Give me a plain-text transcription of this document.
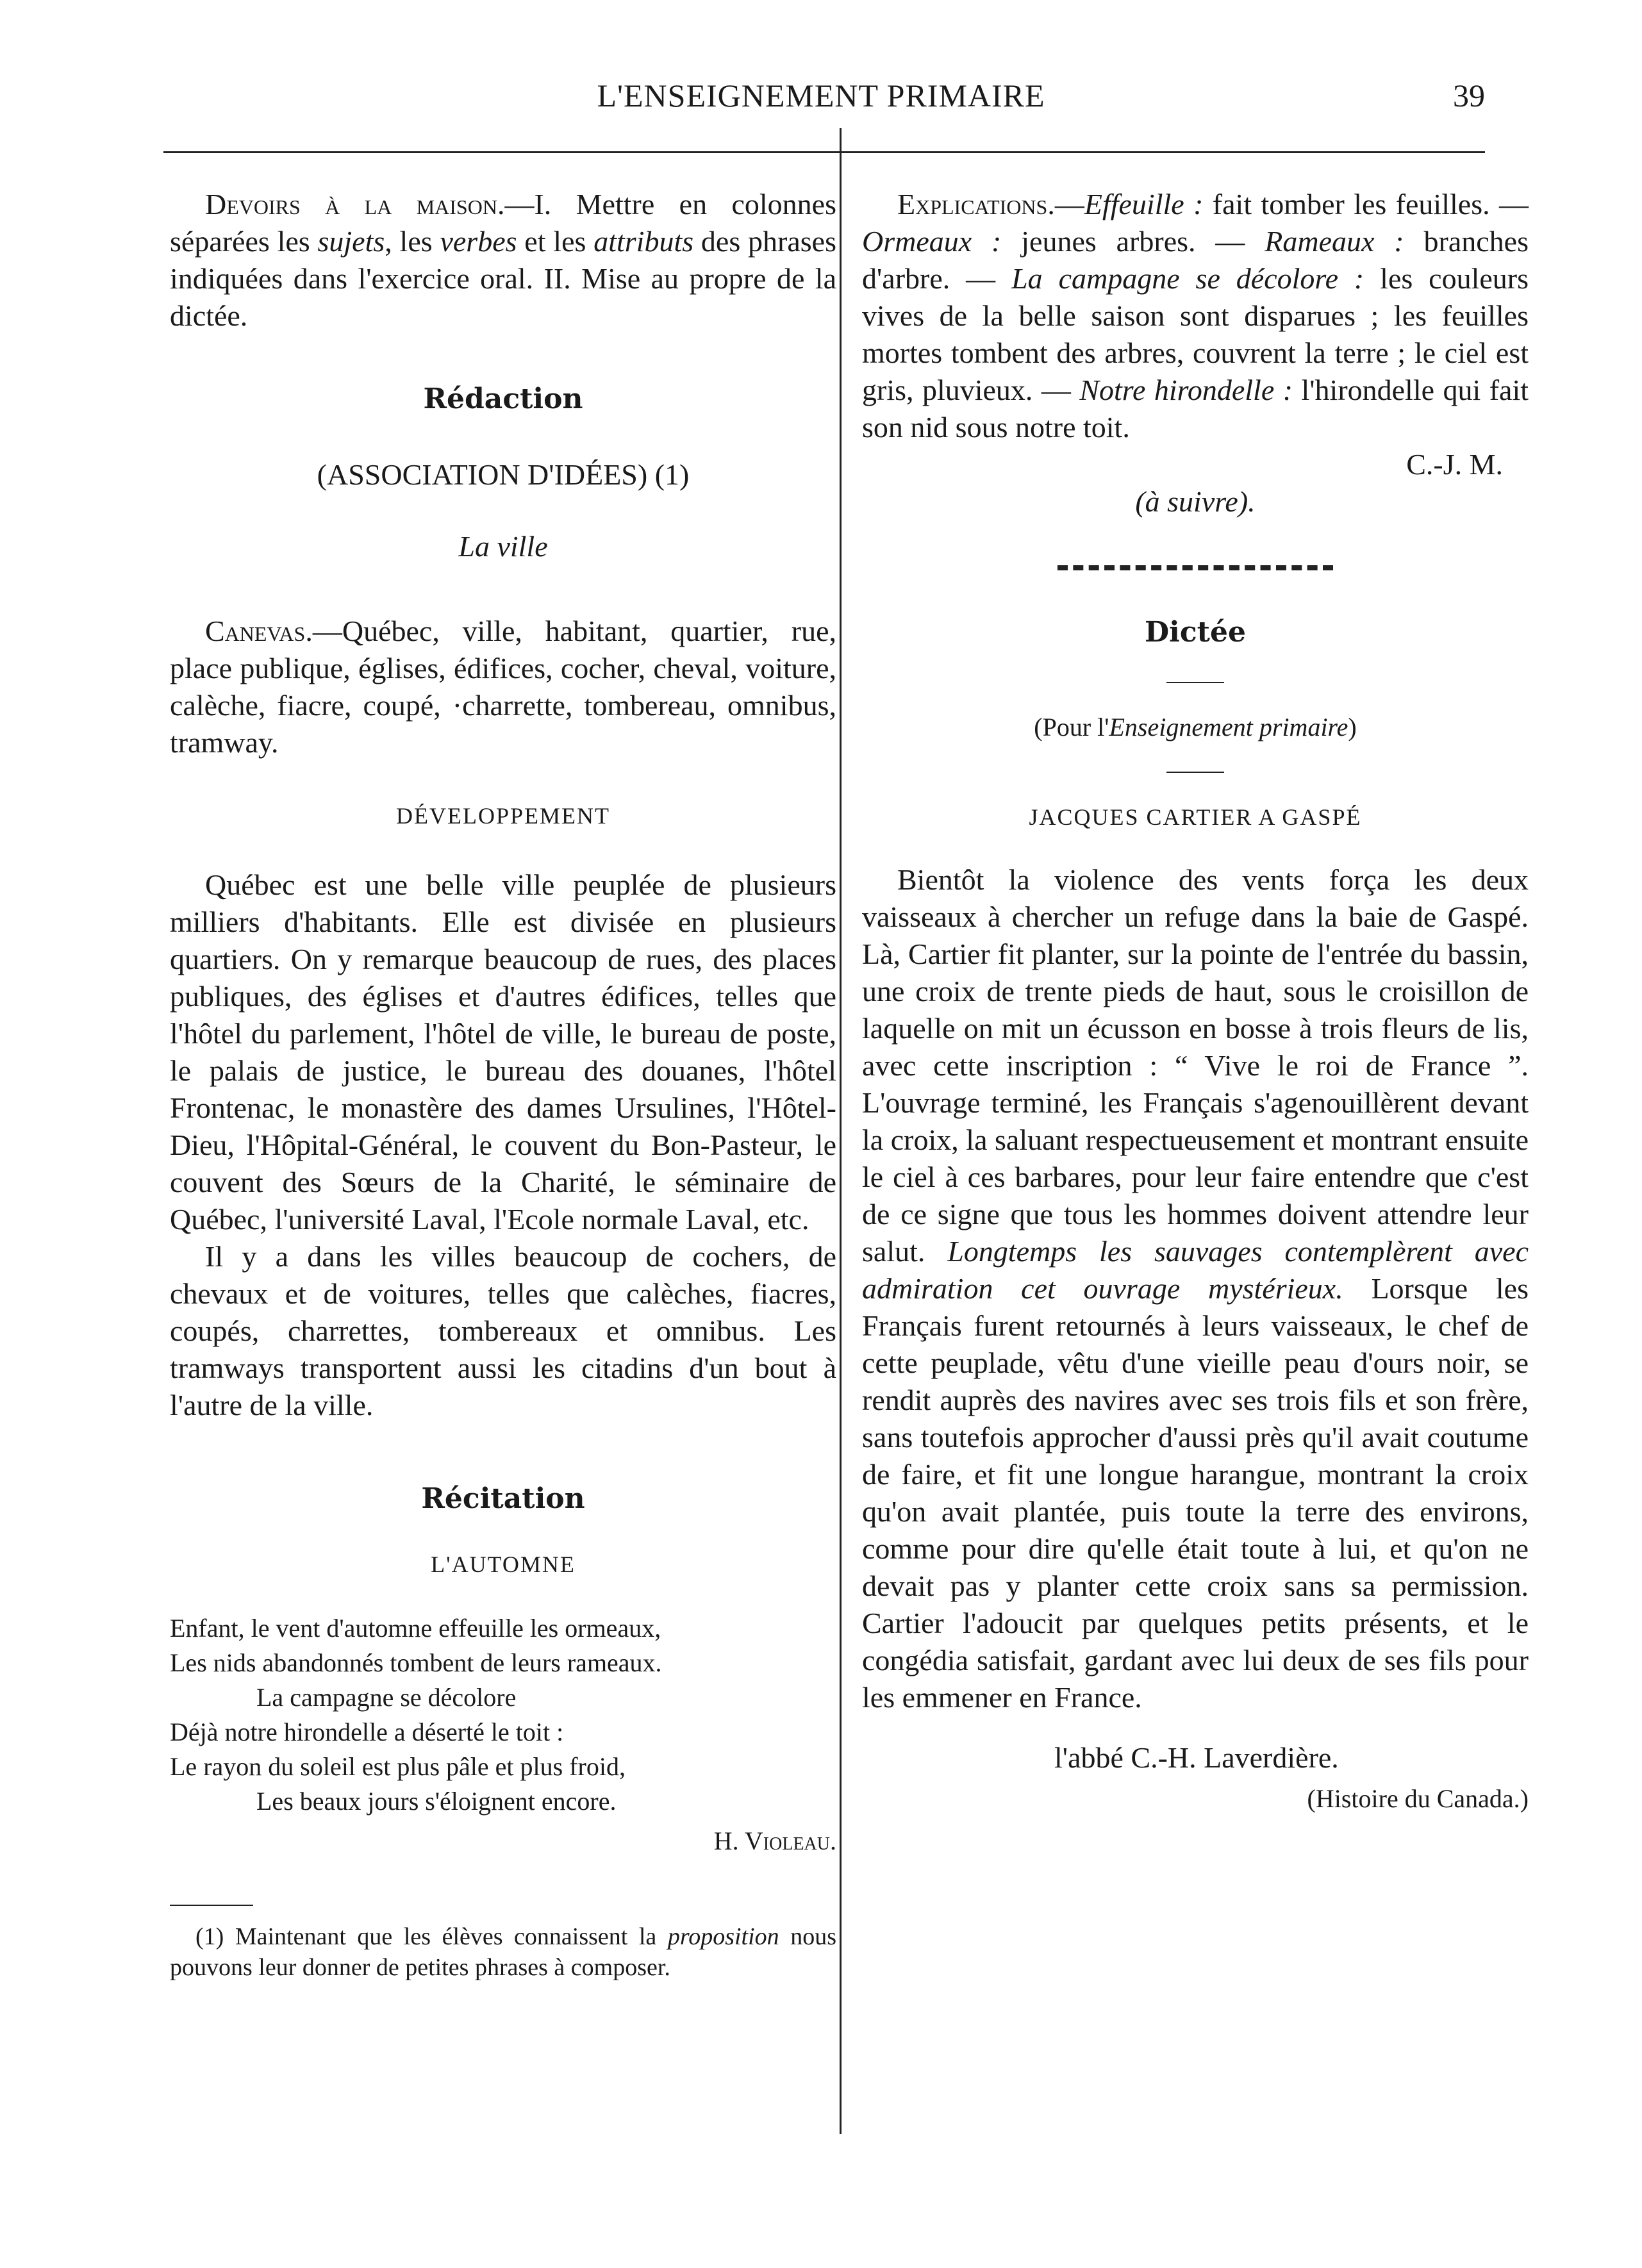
L'ENSEIGNEMENT PRIMAIRE	39

Devoirs à la maison.—I. Mettre en colonnes séparées les sujets, les verbes et les attributs des phrases indiquées dans l'exercice oral. II. Mise au propre de la dictée.

Rédaction
(ASSOCIATION D'IDÉES) (1)
La ville

Canevas.—Québec, ville, habitant, quartier, rue, place publique, églises, édifices, cocher, cheval, voiture, calèche, fiacre, coupé, ·charrette, tombereau, omnibus, tramway.

DÉVELOPPEMENT

Québec est une belle ville peuplée de plusieurs milliers d'habitants. Elle est divisée en plusieurs quartiers. On y remarque beaucoup de rues, des places publiques, des églises et d'autres édifices, telles que l'hôtel du parlement, l'hôtel de ville, le bureau de poste, le palais de justice, le bureau des douanes, l'hôtel Frontenac, le monastère des dames Ursulines, l'Hôtel-Dieu, l'Hôpital-Général, le couvent du Bon-Pasteur, le couvent des Sœurs de la Charité, le séminaire de Québec, l'université Laval, l'Ecole normale Laval, etc.

Il y a dans les villes beaucoup de cochers, de chevaux et de voitures, telles que calèches, fiacres, coupés, charrettes, tombereaux et omnibus. Les tramways transportent aussi les citadins d'un bout à l'autre de la ville.

Récitation
L'AUTOMNE
Enfant, le vent d'automne effeuille les ormeaux,
Les nids abandonnés tombent de leurs rameaux.
La campagne se décolore
Déjà notre hirondelle a déserté le toit :
Le rayon du soleil est plus pâle et plus froid,
Les beaux jours s'éloignent encore.
H. Violeau.

(1) Maintenant que les élèves connaissent la proposition nous pouvons leur donner de petites phrases à composer.

Explications.—Effeuille : fait tomber les feuilles. — Ormeaux : jeunes arbres. — Rameaux : branches d'arbre. — La campagne se décolore : les couleurs vives de la belle saison sont disparues ; les feuilles mortes tombent des arbres, couvrent la terre ; le ciel est gris, pluvieux. — Notre hirondelle : l'hirondelle qui fait son nid sous notre toit.

C.-J. M.
(à suivre).
Dictée
(Pour l'Enseignement primaire)
JACQUES CARTIER A GASPÉ

Bientôt la violence des vents força les deux vaisseaux à chercher un refuge dans la baie de Gaspé. Là, Cartier fit planter, sur la pointe de l'entrée du bassin, une croix de trente pieds de haut, sous le croisillon de laquelle on mit un écusson en bosse à trois fleurs de lis, avec cette inscription : “ Vive le roi de France ”. L'ouvrage terminé, les Français s'agenouillèrent devant la croix, la saluant respectueusement et montrant ensuite le ciel à ces barbares, pour leur faire entendre que c'est de ce signe que tous les hommes doivent attendre leur salut. Longtemps les sauvages contemplèrent avec admiration cet ouvrage mystérieux. Lorsque les Français furent retournés à leurs vaisseaux, le chef de cette peuplade, vêtu d'une vieille peau d'ours noir, se rendit auprès des navires avec ses trois fils et son frère, sans toutefois approcher d'aussi près qu'il avait coutume de faire, et fit une longue harangue, montrant la croix qu'on avait plantée, puis toute la terre des environs, comme pour dire qu'elle était toute à lui, et qu'on ne devait pas y planter cette croix sans sa permission. Cartier l'adoucit par quelques petits présents, et le congédia satisfait, gardant avec lui deux de ses fils pour les emmener en France.

l'abbé C.-H. Laverdière.
(Histoire du Canada.)
